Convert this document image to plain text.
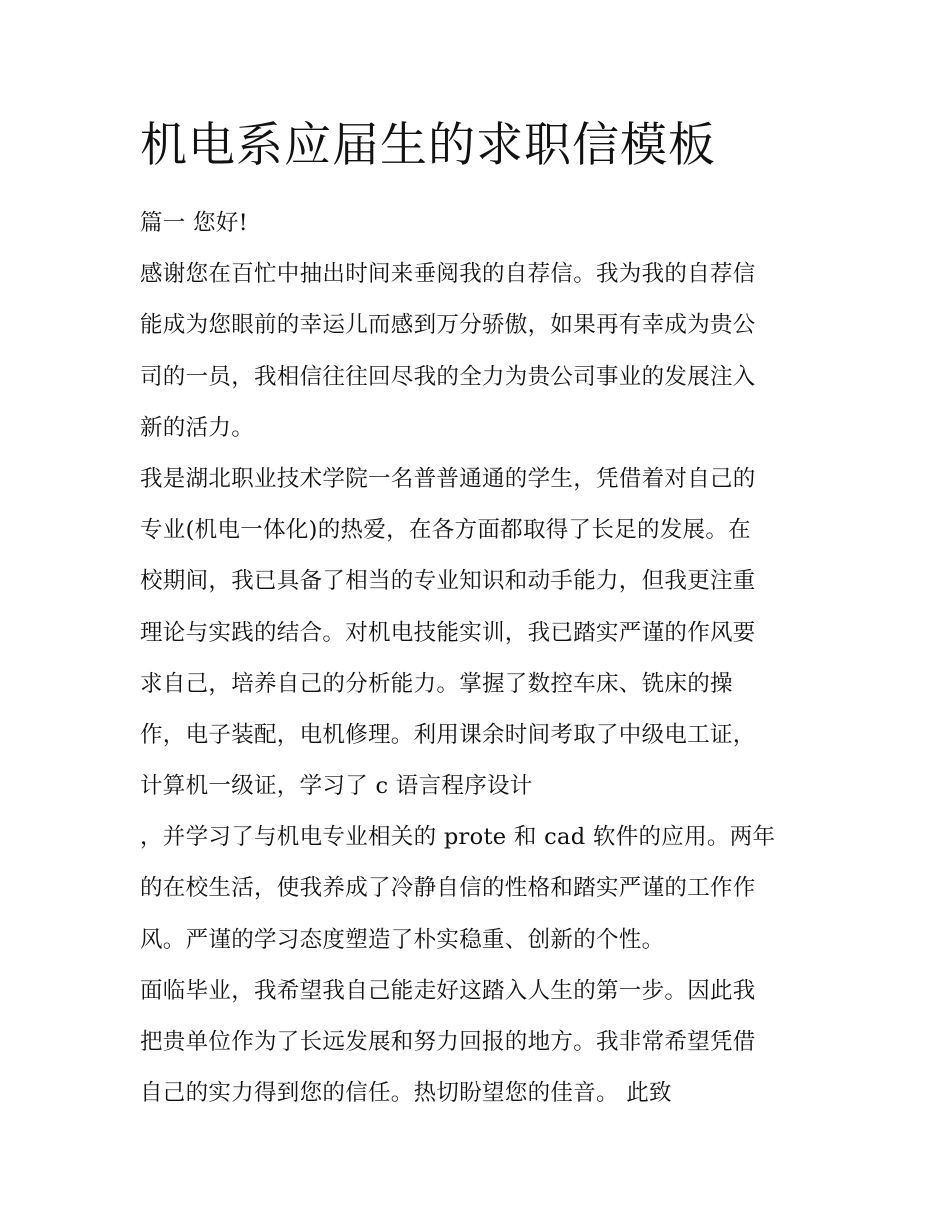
机电系应届生的求职信模板
篇一 您好!
感谢您在百忙中抽出时间来垂阅我的自荐信。我为我的自荐信
能成为您眼前的幸运儿而感到万分骄傲，如果再有幸成为贵公
司的一员，我相信往往回尽我的全力为贵公司事业的发展注入
新的活力。
我是湖北职业技术学院一名普普通通的学生，凭借着对自己的
专业(机电一体化)的热爱，在各方面都取得了长足的发展。在
校期间，我已具备了相当的专业知识和动手能力，但我更注重
理论与实践的结合。对机电技能实训，我已踏实严谨的作风要
求自己，培养自己的分析能力。掌握了数控车床、铣床的操
作，电子装配，电机修理。利用课余时间考取了中级电工证，
计算机一级证，学习了 c 语言程序设计
，并学习了与机电专业相关的 prote 和 cad 软件的应用。两年
的在校生活，使我养成了冷静自信的性格和踏实严谨的工作作
风。严谨的学习态度塑造了朴实稳重、创新的个性。
面临毕业，我希望我自己能走好这踏入人生的第一步。因此我
把贵单位作为了长远发展和努力回报的地方。我非常希望凭借
自己的实力得到您的信任。热切盼望您的佳音。 此致
